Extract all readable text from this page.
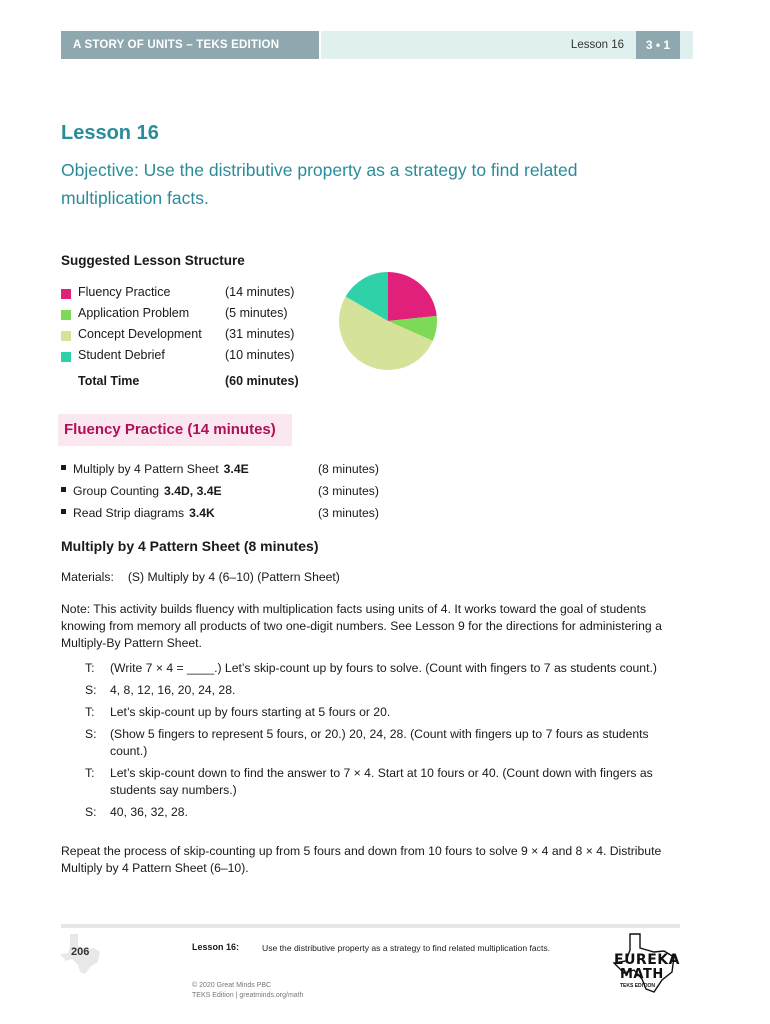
A STORY OF UNITS – TEKS EDITION	Lesson 16	3 • 1
Lesson 16
Objective: Use the distributive property as a strategy to find related multiplication facts.
Suggested Lesson Structure
Fluency Practice	(14 minutes)
Application Problem	(5 minutes)
Concept Development (31 minutes)
Student Debrief	(10 minutes)
Total Time	(60 minutes)
Fluency Practice (14 minutes)
Multiply by 4 Pattern Sheet 3.4E	(8 minutes)
Group Counting 3.4D, 3.4E	(3 minutes)
Read Strip diagrams 3.4K	(3 minutes)
Multiply by 4 Pattern Sheet (8 minutes)
Materials: (S) Multiply by 4 (6–10) (Pattern Sheet)
Note: This activity builds fluency with multiplication facts using units of 4. It works toward the goal of students knowing from memory all products of two one-digit numbers. See Lesson 9 for the directions for administering a Multiply-By Pattern Sheet.
T: (Write 7 × 4 = ____.) Let’s skip-count up by fours to solve. (Count with fingers to 7 as students count.)
S: 4, 8, 12, 16, 20, 24, 28.
T: Let’s skip-count up by fours starting at 5 fours or 20.
S: (Show 5 fingers to represent 5 fours, or 20.) 20, 24, 28. (Count with fingers up to 7 fours as students count.)
T: Let’s skip-count down to find the answer to 7 × 4. Start at 10 fours or 40. (Count down with fingers as students say numbers.)
S: 40, 36, 32, 28.
Repeat the process of skip-counting up from 5 fours and down from 10 fours to solve 9 × 4 and 8 × 4. Distribute Multiply by 4 Pattern Sheet (6–10).
206	Lesson 16:	Use the distributive property as a strategy to find related multiplication facts.
© 2020 Great Minds PBC
TEKS Edition | greatminds.org/math
EUREKA
MATH
TEKS EDITION
